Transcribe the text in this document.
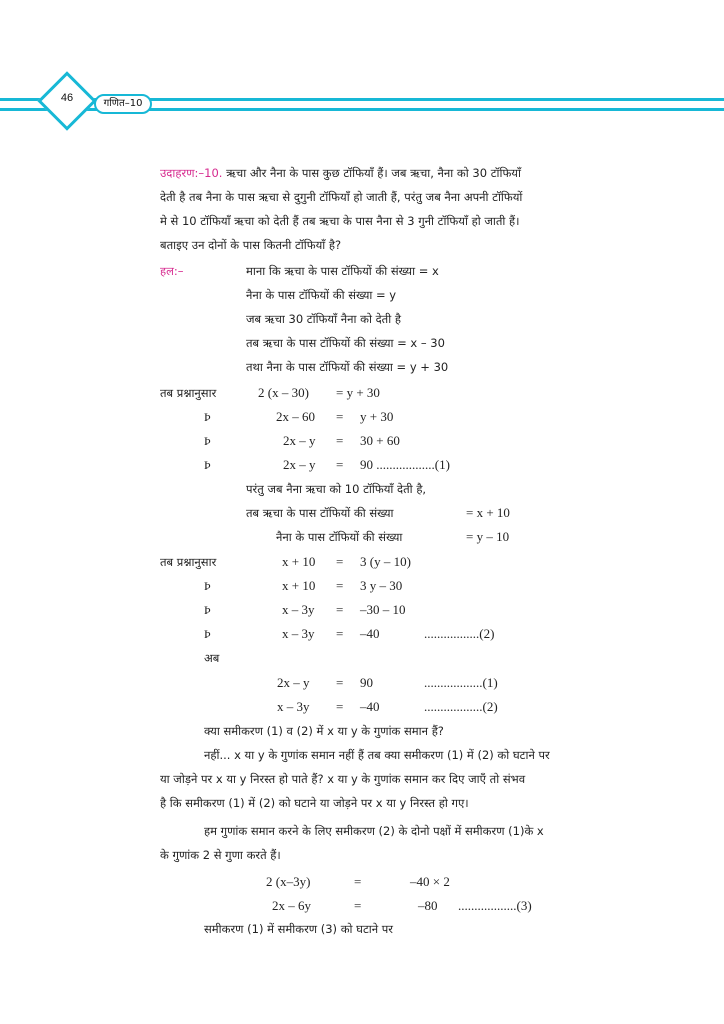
46	गणित–10
उदाहरण:–10. ऋचा और नैना के पास कुछ टॉफियाँ हैं। जब ऋचा, नैना को 30 टॉफियाँ
देती है तब नैना के पास ऋचा से दुगुनी टॉफियाँ हो जाती हैं, परंतु जब नैना अपनी टॉफियों
मे से 10 टॉफियाँ ऋचा को देती हैं तब ऋचा के पास नैना से 3 गुनी टॉफियाँ हो जाती हैं।
बताइए उन दोनों के पास कितनी टॉफियाँ है?
हल:–	माना कि ऋचा के पास टॉफियों की संख्या = x
नैना के पास टॉफियों की संख्या = y
जब ऋचा 30 टॉफियाँ नैना को देती है
तब ऋचा के पास टॉफियों की संख्या = x – 30
तथा नैना के पास टॉफियों की संख्या = y + 30
तब प्रश्नानुसार	2 (x – 30) = y + 30
Þ	2x – 60 = y + 30
Þ	2x – y = 30 + 60
Þ	2x – y = 90 ..................(1)
परंतु जब नैना ऋचा को 10 टॉफियाँ देती है,
तब ऋचा के पास टॉफियों की संख्या	= x + 10
नैना के पास टॉफियों की संख्या	= y – 10
तब प्रश्नानुसार	x + 10 = 3 (y – 10)
Þ	x + 10 = 3 y – 30
Þ	x – 3y = –30 – 10
Þ	x – 3y = –40	.................(2)
अब
2x – y = 90	..................(1)
x – 3y = –40	..................(2)
क्या समीकरण (1) व (2) में x या y के गुणांक समान हैं?
नहीं... x या y के गुणांक समान नहीं हैं तब क्या समीकरण (1) में (2) को घटाने पर
या जोड़ने पर x या y निरस्त हो पाते हैं? x या y के गुणांक समान कर दिए जाएँ तो संभव
है कि समीकरण (1) में (2) को घटाने या जोड़ने पर x या y निरस्त हो गए।
हम गुणांक समान करने के लिए समीकरण (2) के दोनो पक्षों में समीकरण (1)के x
के गुणांक 2 से गुणा करते हैं।
2 (x–3y)	=	–40 × 2
2x – 6y	=	–80 ..................(3)
समीकरण (1) में समीकरण (3) को घटाने पर
